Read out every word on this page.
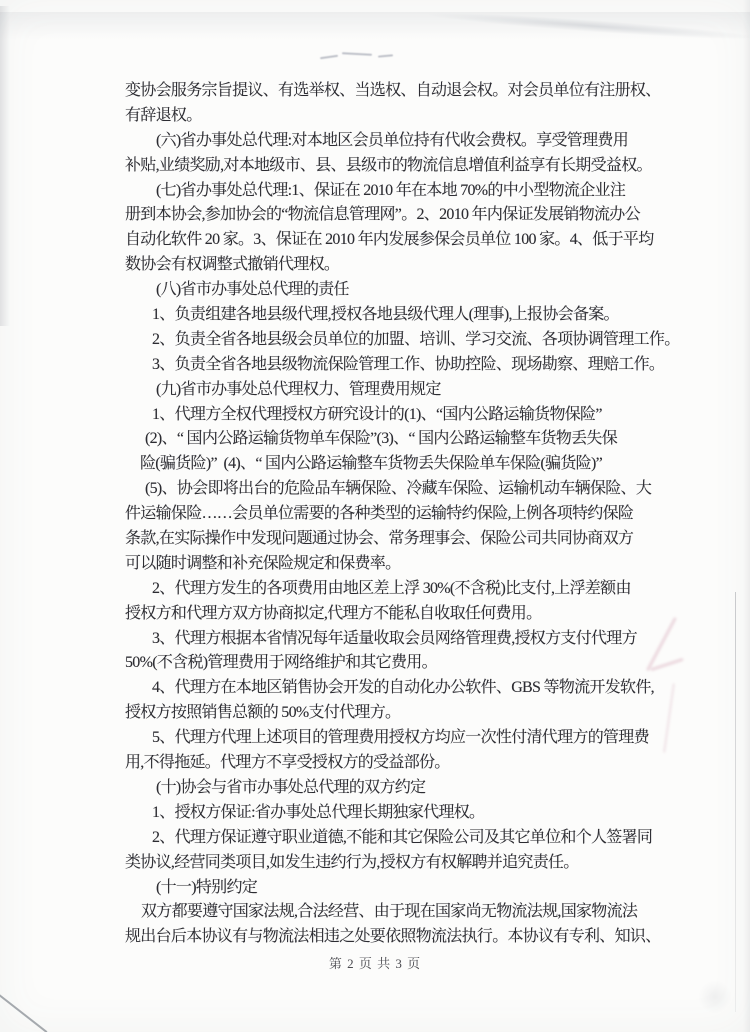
变协会服务宗旨提议、有选举权、当选权、自动退会权。对会员单位有注册权、
有辞退权。
(六)省办事处总代理:对本地区会员单位持有代收会费权。享受管理费用
补贴,业绩奖励,对本地级市、县、县级市的物流信息增值利益享有长期受益权。
(七)省办事处总代理:1、保证在 2010 年在本地 70%的中小型物流企业注
册到本协会,参加协会的“物流信息管理网”。2、2010 年内保证发展销物流办公
自动化软件 20 家。3、保证在 2010 年内发展参保会员单位 100 家。4、低于平均
数协会有权调整式撤销代理权。
(八)省市办事处总代理的责任
1、负责组建各地县级代理,授权各地县级代理人(理事),上报协会备案。
2、负责全省各地县级会员单位的加盟、培训、学习交流、各项协调管理工作。
3、负责全省各地县级物流保险管理工作、协助控险、现场勘察、理赔工作。
(九)省市办事处总代理权力、管理费用规定
1、代理方全权代理授权方研究设计的(1)、“国内公路运输货物保险”
(2)、“ 国内公路运输货物单车保险”(3)、“ 国内公路运输整车货物丢失保
险(骗货险)”  (4)、“ 国内公路运输整车货物丢失保险单车保险(骗货险)”
(5)、协会即将出台的危险品车辆保险、冷藏车保险、运输机动车辆保险、大
件运输保险……会员单位需要的各种类型的运输特约保险,上例各项特约保险
条款,在实际操作中发现问题通过协会、常务理事会、保险公司共同协商双方
可以随时调整和补充保险规定和保费率。
2、代理方发生的各项费用由地区差上浮 30%(不含税)比支付,上浮差额由
授权方和代理方双方协商拟定,代理方不能私自收取任何费用。
3、代理方根据本省情况每年适量收取会员网络管理费,授权方支付代理方
50%(不含税)管理费用于网络维护和其它费用。
4、代理方在本地区销售协会开发的自动化办公软件、GBS 等物流开发软件,
授权方按照销售总额的 50%支付代理方。
5、代理方代理上述项目的管理费用授权方均应一次性付清代理方的管理费
用,不得拖延。代理方不享受授权方的受益部份。
(十)协会与省市办事处总代理的双方约定
1、授权方保证:省办事处总代理长期独家代理权。
2、代理方保证遵守职业道德,不能和其它保险公司及其它单位和个人签署同
类协议,经营同类项目,如发生违约行为,授权方有权解聘并追究责任。
(十一)特别约定
双方都要遵守国家法规,合法经营、由于现在国家尚无物流法规,国家物流法
规出台后本协议有与物流法相违之处要依照物流法执行。本协议有专利、知识、
第 2 页 共 3 页
